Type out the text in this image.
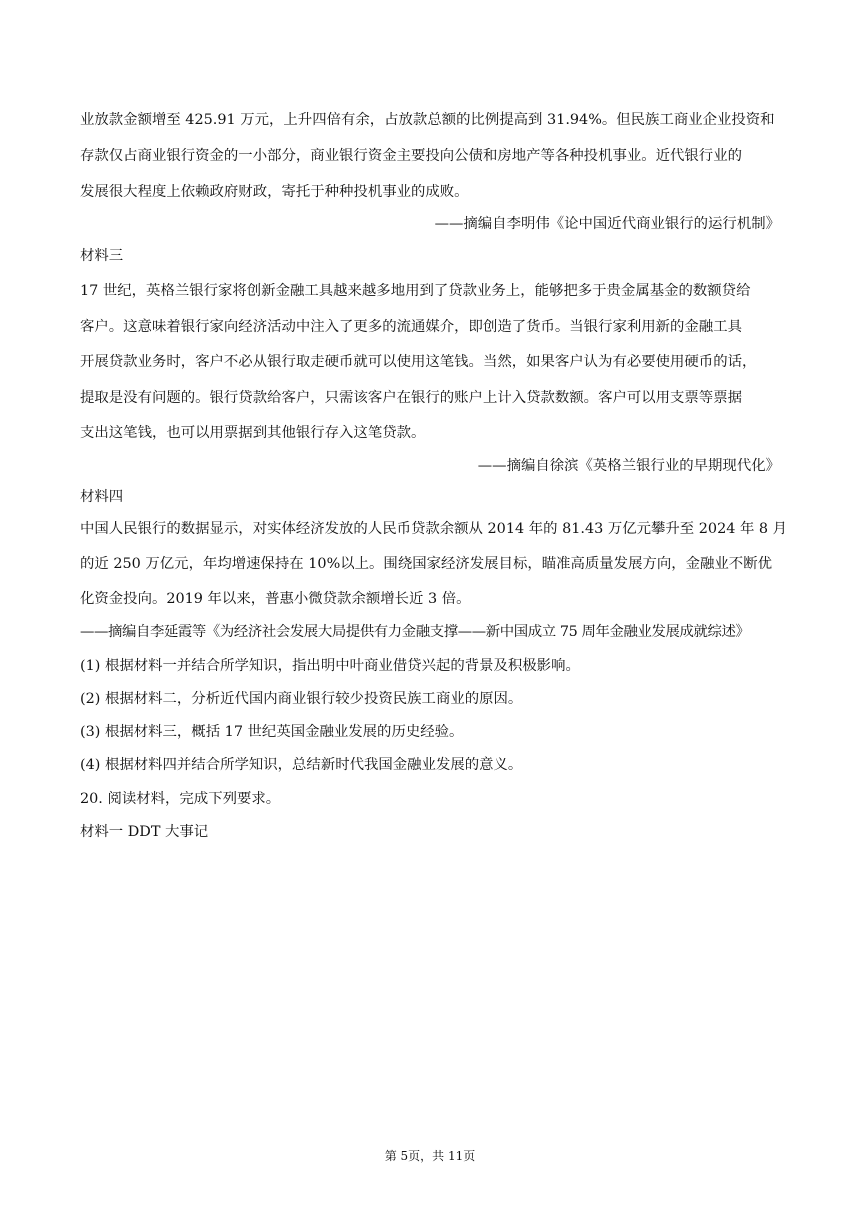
业放款金额增至 425.91 万元，上升四倍有余，占放款总额的比例提高到 31.94%。但民族工商业企业投资和
存款仅占商业银行资金的一小部分，商业银行资金主要投向公债和房地产等各种投机事业。近代银行业的
发展很大程度上依赖政府财政，寄托于种种投机事业的成败。
——摘编自李明伟《论中国近代商业银行的运行机制》
材料三
17 世纪，英格兰银行家将创新金融工具越来越多地用到了贷款业务上，能够把多于贵金属基金的数额贷给
客户。这意味着银行家向经济活动中注入了更多的流通媒介，即创造了货币。当银行家利用新的金融工具
开展贷款业务时，客户不必从银行取走硬币就可以使用这笔钱。当然，如果客户认为有必要使用硬币的话，
提取是没有问题的。银行贷款给客户，只需该客户在银行的账户上计入贷款数额。客户可以用支票等票据
支出这笔钱，也可以用票据到其他银行存入这笔贷款。
——摘编自徐滨《英格兰银行业的早期现代化》
材料四
中国人民银行的数据显示，对实体经济发放的人民币贷款余额从 2014 年的 81.43 万亿元攀升至 2024 年 8 月
的近 250 万亿元，年均增速保持在 10%以上。围绕国家经济发展目标，瞄准高质量发展方向，金融业不断优
化资金投向。2019 年以来，普惠小微贷款余额增长近 3 倍。
——摘编自李延霞等《为经济社会发展大局提供有力金融支撑——新中国成立 75 周年金融业发展成就综述》
(1) 根据材料一并结合所学知识，指出明中叶商业借贷兴起的背景及积极影响。
(2) 根据材料二，分析近代国内商业银行较少投资民族工商业的原因。
(3) 根据材料三，概括 17 世纪英国金融业发展的历史经验。
(4) 根据材料四并结合所学知识，总结新时代我国金融业发展的意义。
20. 阅读材料，完成下列要求。
材料一 DDT 大事记
第 5页，共 11页
